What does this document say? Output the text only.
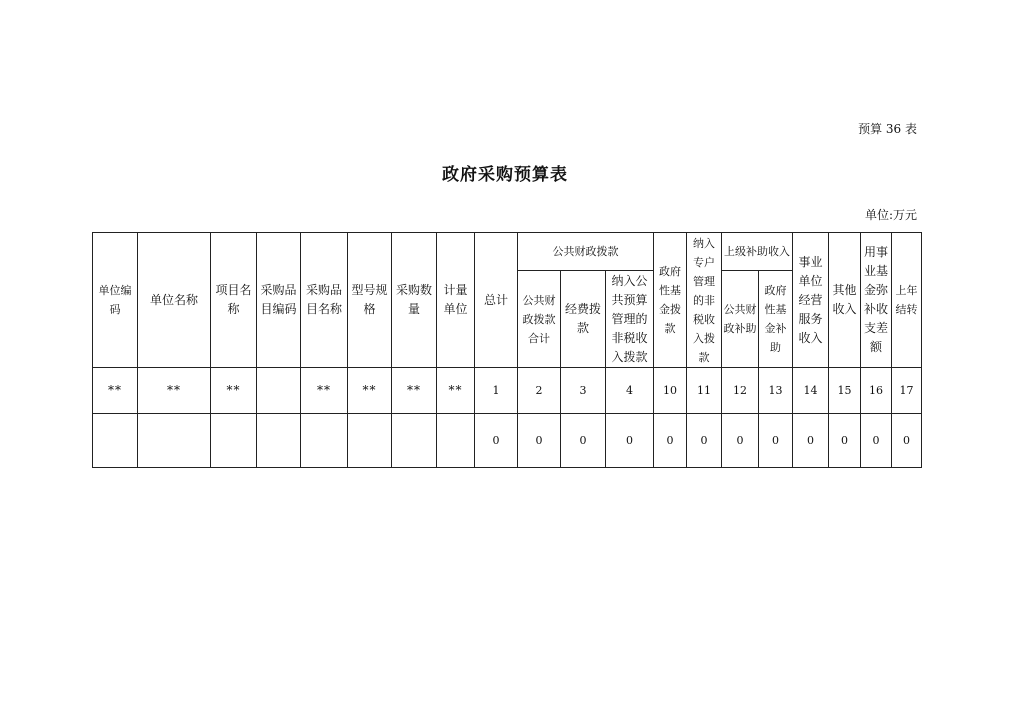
预算 36 表
政府采购预算表
单位:万元
单位编码	单位名称	项目名称	采购品目编码	采购品目名称	型号规格	采购数量	计量单位	总计	公共财政拨款			政府性基金拨款	纳入专户管理的非税收入拨款	上级补助收入		事业单位经营服务收入	其他收入	用事业基金弥补收支差额	上年结转
									公共财政拨款合计	经费拨款	纳入公共预算管理的非税收入拨款			公共财政补助	政府性基金补助				
**	**	**		**	**	**	**	1	2	3	4	10	11	12	13	14	15	16	17
								0	0	0	0	0	0	0	0	0	0	0	0
